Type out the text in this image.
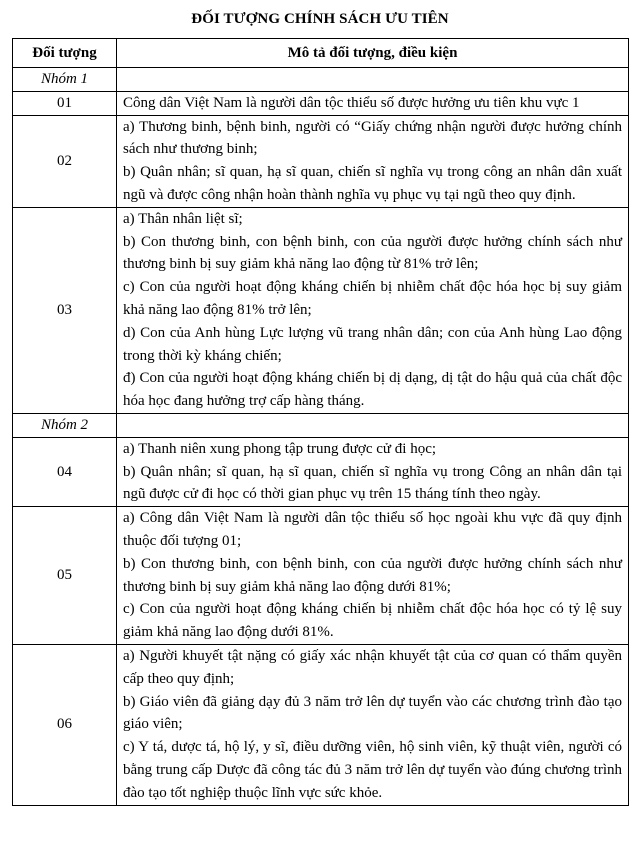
ĐỐI TƯỢNG CHÍNH SÁCH ƯU TIÊN
Đối tượng	Mô tả đối tượng, điều kiện
Nhóm 1	
01	Công dân Việt Nam là người dân tộc thiểu số được hưởng ưu tiên khu vực 1

02	a) Thương binh, bệnh binh, người có “Giấy chứng nhận người được hưởng chính sách như thương binh;
b) Quân nhân; sĩ quan, hạ sĩ quan, chiến sĩ nghĩa vụ trong công an nhân dân xuất ngũ và được công nhận hoàn thành nghĩa vụ phục vụ tại ngũ theo quy định.

03	a) Thân nhân liệt sĩ;
b) Con thương binh, con bệnh binh, con của người được hưởng chính sách như thương binh bị suy giảm khả năng lao động từ 81% trở lên;
c) Con của người hoạt động kháng chiến bị nhiễm chất độc hóa học bị suy giảm khả năng lao động 81% trở lên;
d) Con của Anh hùng Lực lượng vũ trang nhân dân; con của Anh hùng Lao động trong thời kỳ kháng chiến;
đ) Con của người hoạt động kháng chiến bị dị dạng, dị tật do hậu quả của chất độc hóa học đang hưởng trợ cấp hàng tháng.

Nhóm 2	
04	a) Thanh niên xung phong tập trung được cử đi học;
b) Quân nhân; sĩ quan, hạ sĩ quan, chiến sĩ nghĩa vụ trong Công an nhân dân tại ngũ được cử đi học có thời gian phục vụ trên 15 tháng tính theo ngày.

05	a) Công dân Việt Nam là người dân tộc thiểu số học ngoài khu vực đã quy định thuộc đối tượng 01;
b) Con thương binh, con bệnh binh, con của người được hưởng chính sách như thương binh bị suy giảm khả năng lao động dưới 81%;
c) Con của người hoạt động kháng chiến bị nhiễm chất độc hóa học có tỷ lệ suy giảm khả năng lao động dưới 81%.

06	a) Người khuyết tật nặng có giấy xác nhận khuyết tật của cơ quan có thẩm quyền cấp theo quy định;
b) Giáo viên đã giảng dạy đủ 3 năm trở lên dự tuyển vào các chương trình đào tạo giáo viên;
c) Y tá, dược tá, hộ lý, y sĩ, điều dưỡng viên, hộ sinh viên, kỹ thuật viên, người có bằng trung cấp Dược đã công tác đủ 3 năm trở lên dự tuyển vào đúng chương trình đào tạo tốt nghiệp thuộc lĩnh vực sức khỏe.
